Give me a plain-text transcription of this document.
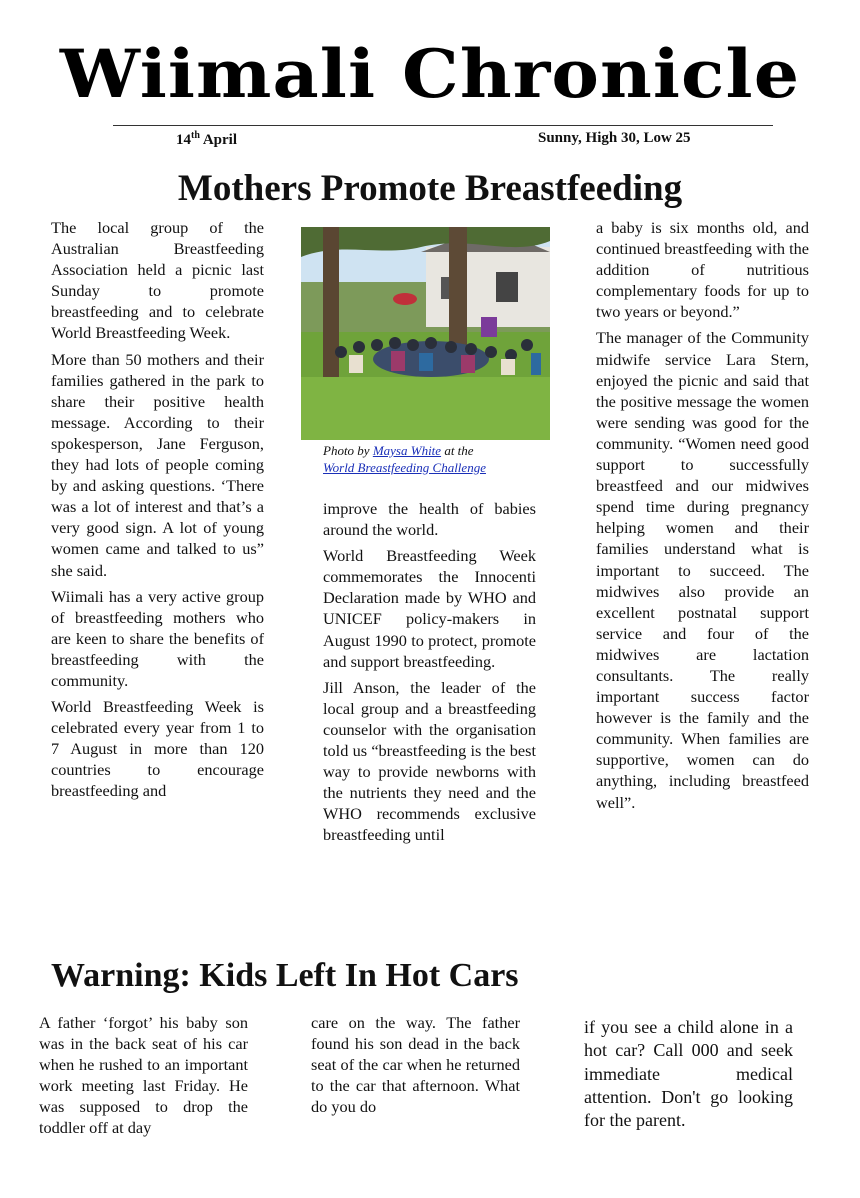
Wiimali Chronicle
14th April	Sunny, High 30, Low 25
Mothers Promote Breastfeeding

The local group of the Australian Breastfeeding Association held a picnic last Sunday to promote breastfeeding and to celebrate World Breastfeeding Week.

More than 50 mothers and their families gathered in the park to share their positive health message. According to their spokesperson, Jane Ferguson, they had lots of people coming by and asking questions. ‘There was a lot of interest and that’s a very good sign. A lot of young women came and talked to us” she said.

Wiimali has a very active group of breastfeeding mothers who are keen to share the benefits of breastfeeding with the community.

World Breastfeeding Week is celebrated every year from 1 to 7 August in more than 120 countries to encourage breastfeeding and

Photo by Maysa White at the
World Breastfeeding Challenge

improve the health of babies around the world.

World Breastfeeding Week commemorates the Innocenti Declaration made by WHO and UNICEF policy-makers in August 1990 to protect, promote and support breastfeeding.

Jill Anson, the leader of the local group and a breastfeeding counselor with the organisation told us “breastfeeding is the best way to provide newborns with the nutrients they need and the WHO recommends exclusive breastfeeding until

a baby is six months old, and continued breastfeeding with the addition of nutritious complementary foods for up to two years or beyond.”

The manager of the Community midwife service Lara Stern, enjoyed the picnic and said that the positive message the women were sending was good for the community. “Women need good support to successfully breastfeed and our midwives spend time during pregnancy helping women and their families understand what is important to succeed. The midwives also provide an excellent postnatal support service and four of the midwives are lactation consultants. The really important success factor however is the family and the community. When families are supportive, women can do anything, including breastfeed well”.

Warning: Kids Left In Hot Cars
A father ‘forgot’ his baby son was in the back seat of his car when he rushed to an important work meeting last Friday. He was supposed to drop the toddler off at day
care on the way. The father found his son dead in the back seat of the car when he returned to the car that afternoon. What do you do
if you see a child alone in a hot car? Call 000 and seek immediate medical attention. Don't go looking for the parent.
